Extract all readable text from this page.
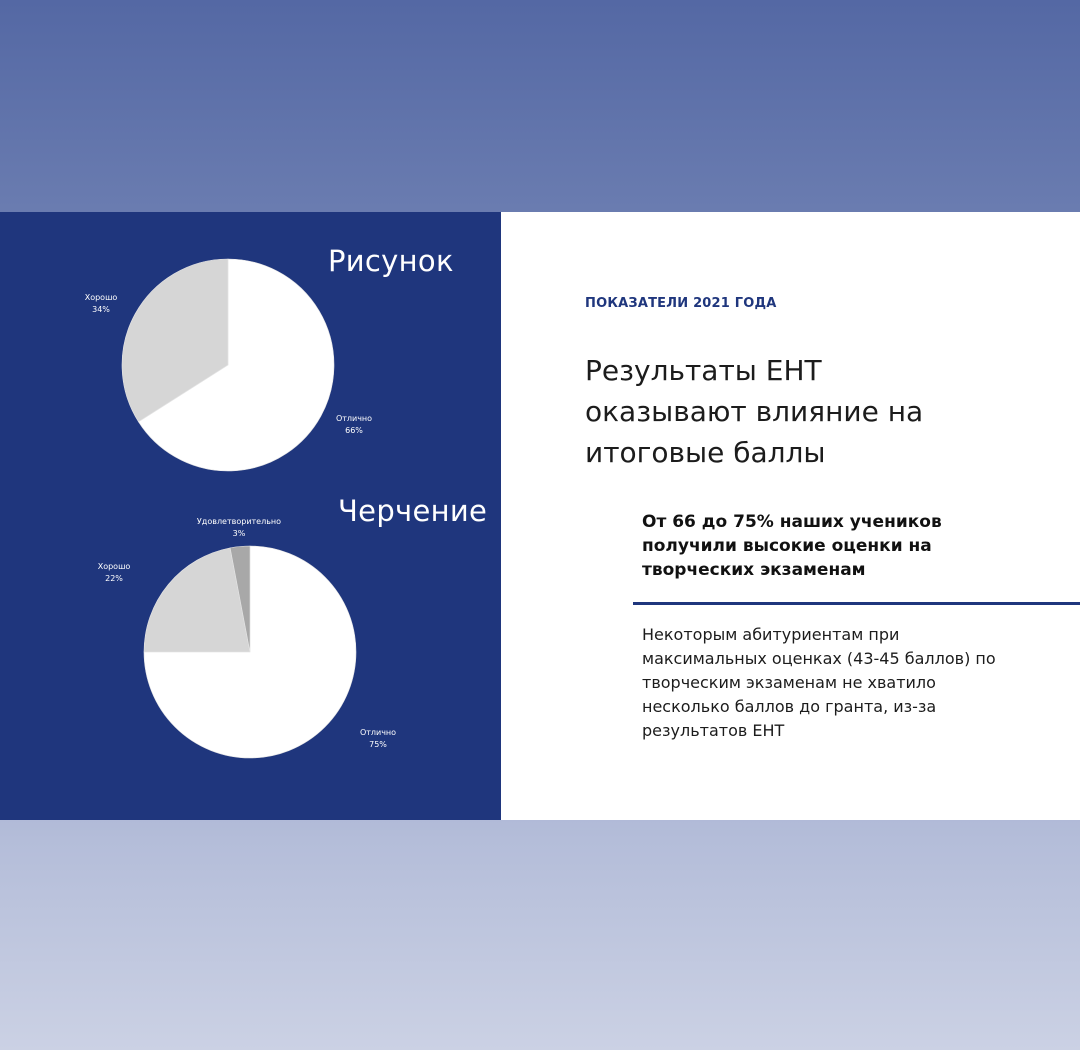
Отлично
66%
Хорошо
34%
Отлично
75%
Хорошо
22%
Удовлетворительно
3%
Рисунок
Черчение
ПОКАЗАТЕЛИ 2021 ГОДА
Результаты ЕНТ оказывают влияние на итоговые баллы
От 66 до 75% наших учеников получили высокие оценки на творческих экзаменам
Некоторым абитуриентам при максимальных оценках (43-45 баллов) по творческим экзаменам не хватило несколько баллов до гранта, из-за результатов ЕНТ
